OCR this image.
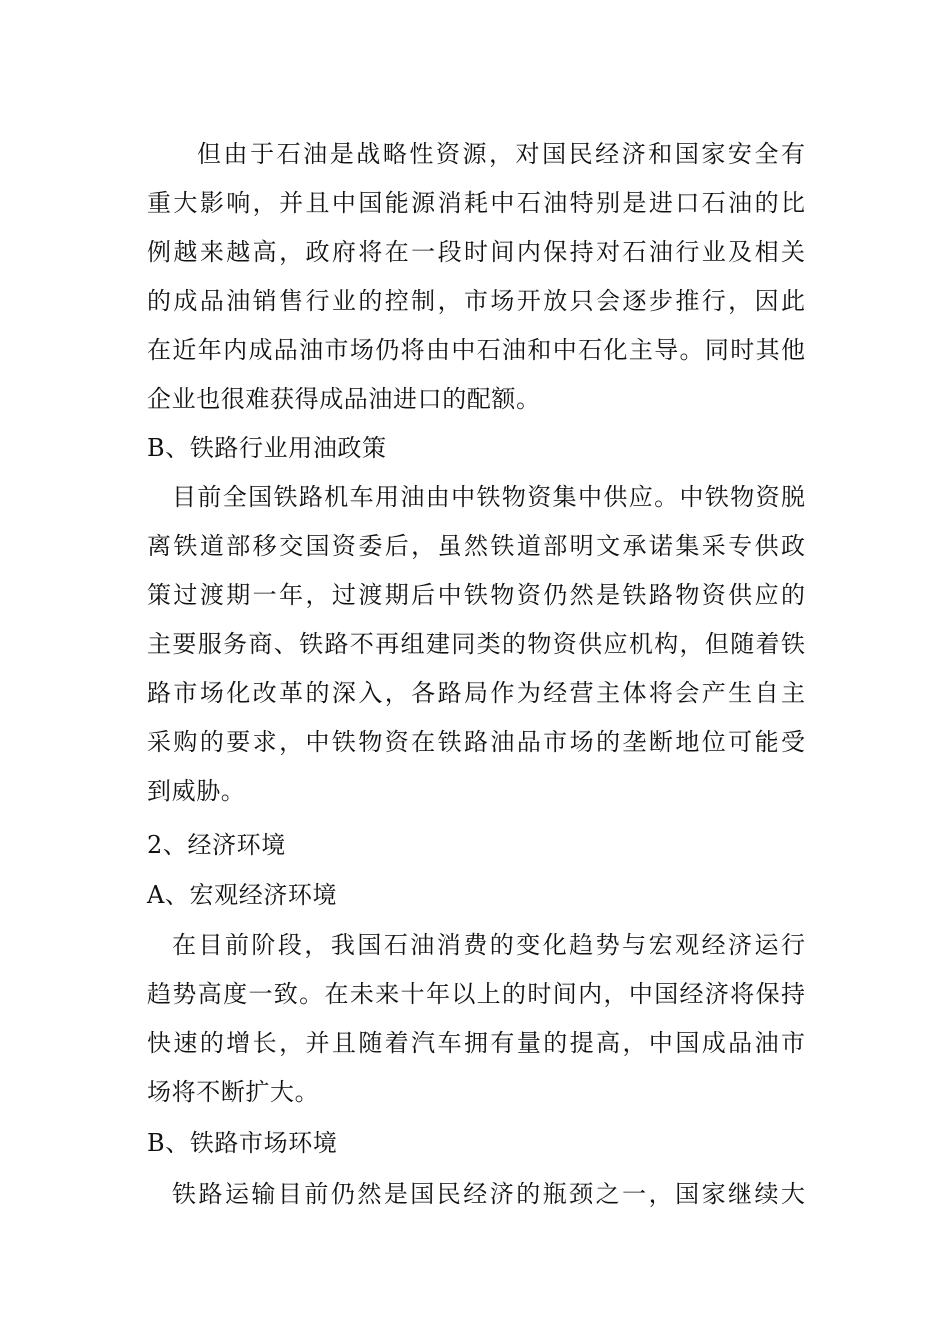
但由于石油是战略性资源，对国民经济和国家安全有
重大影响，并且中国能源消耗中石油特别是进口石油的比
例越来越高，政府将在一段时间内保持对石油行业及相关
的成品油销售行业的控制，市场开放只会逐步推行，因此
在近年内成品油市场仍将由中石油和中石化主导。同时其他
企业也很难获得成品油进口的配额。
B、铁路行业用油政策
目前全国铁路机车用油由中铁物资集中供应。中铁物资脱
离铁道部移交国资委后，虽然铁道部明文承诺集采专供政
策过渡期一年，过渡期后中铁物资仍然是铁路物资供应的
主要服务商、铁路不再组建同类的物资供应机构，但随着铁
路市场化改革的深入，各路局作为经营主体将会产生自主
采购的要求，中铁物资在铁路油品市场的垄断地位可能受
到威胁。
2、经济环境
A、宏观经济环境
在目前阶段，我国石油消费的变化趋势与宏观经济运行
趋势高度一致。在未来十年以上的时间内，中国经济将保持
快速的增长，并且随着汽车拥有量的提高，中国成品油市
场将不断扩大。
B、铁路市场环境
铁路运输目前仍然是国民经济的瓶颈之一，国家继续大
